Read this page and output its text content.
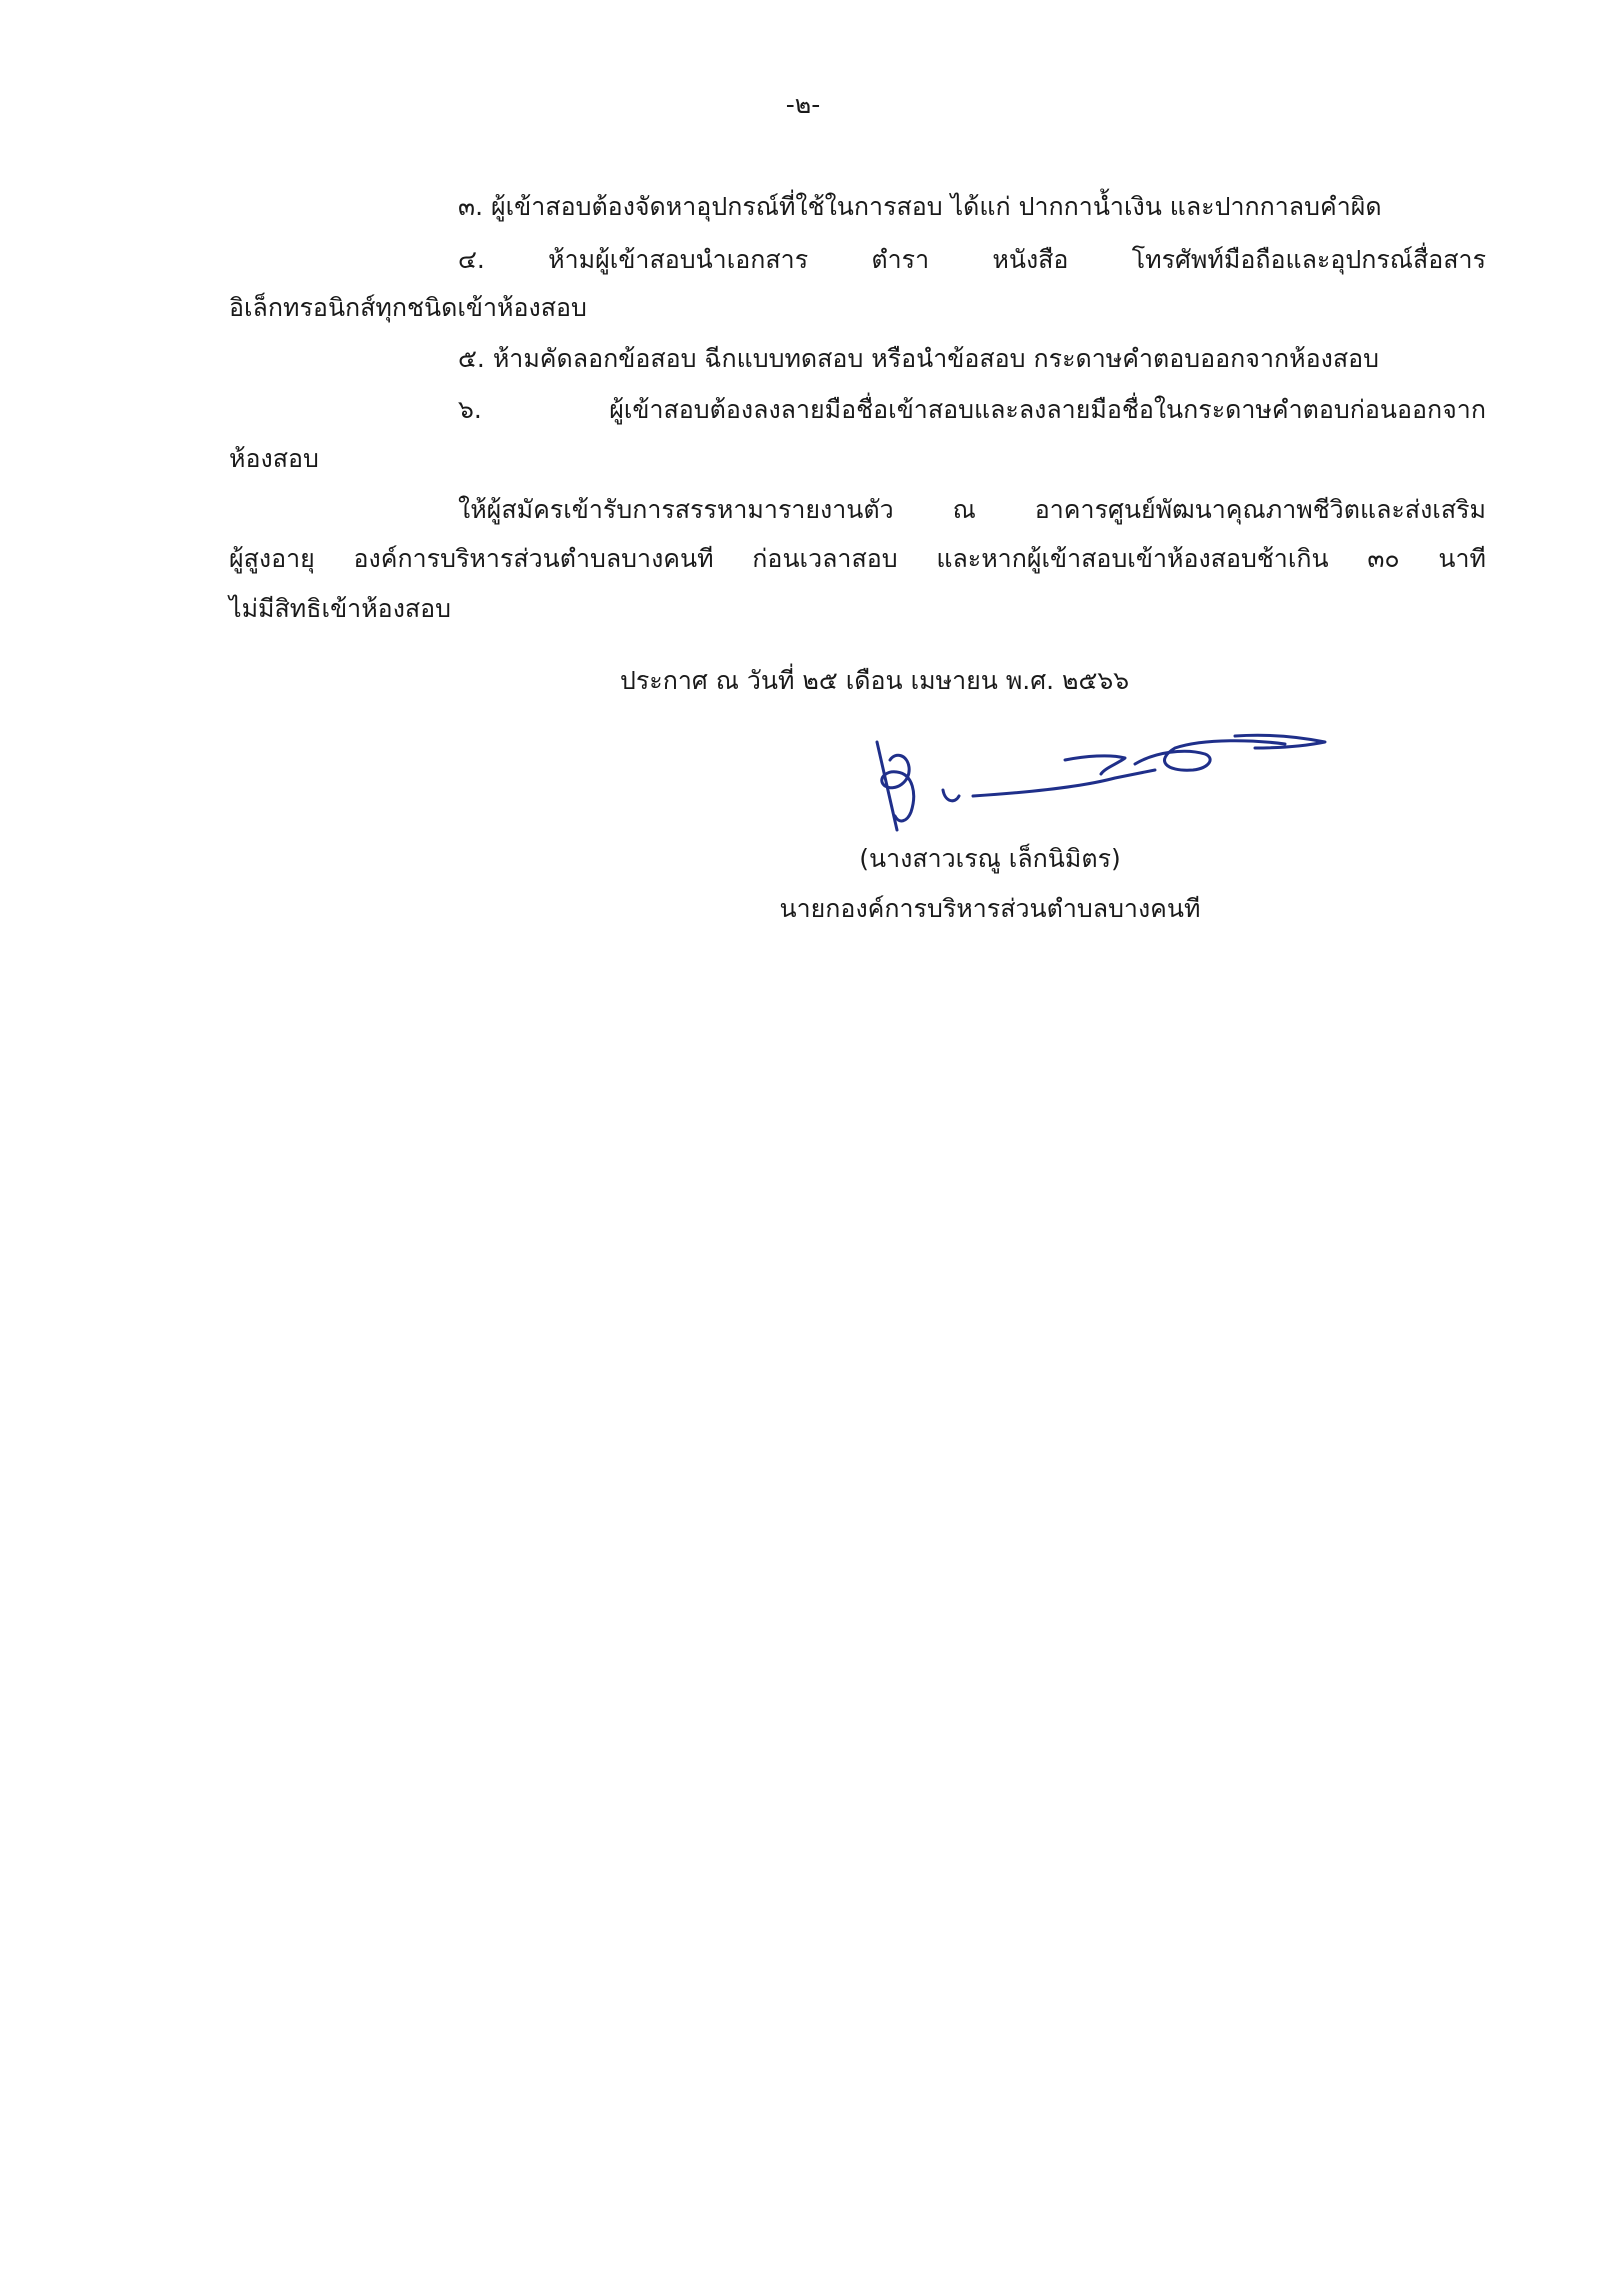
-๒-
๓. ผู้เข้าสอบต้องจัดหาอุปกรณ์ที่ใช้ในการสอบ ได้แก่ ปากกาน้ำเงิน และปากกาลบคำผิด
๔. ห้ามผู้เข้าสอบนำเอกสาร ตำรา หนังสือ โทรศัพท์มือถือและอุปกรณ์สื่อสาร
อิเล็กทรอนิกส์ทุกชนิดเข้าห้องสอบ
๕. ห้ามคัดลอกข้อสอบ ฉีกแบบทดสอบ หรือนำข้อสอบ กระดาษคำตอบออกจากห้องสอบ
๖. ผู้เข้าสอบต้องลงลายมือชื่อเข้าสอบและลงลายมือชื่อในกระดาษคำตอบก่อนออกจาก
ห้องสอบ
ให้ผู้สมัครเข้ารับการสรรหามารายงานตัว ณ อาคารศูนย์พัฒนาคุณภาพชีวิตและส่งเสริม
ผู้สูงอายุ องค์การบริหารส่วนตำบลบางคนที ก่อนเวลาสอบ และหากผู้เข้าสอบเข้าห้องสอบช้าเกิน ๓๐ นาที
ไม่มีสิทธิเข้าห้องสอบ
ประกาศ ณ วันที่ ๒๕ เดือน เมษายน พ.ศ. ๒๕๖๖
(นางสาวเรณู เล็กนิมิตร)
นายกองค์การบริหารส่วนตำบลบางคนที
